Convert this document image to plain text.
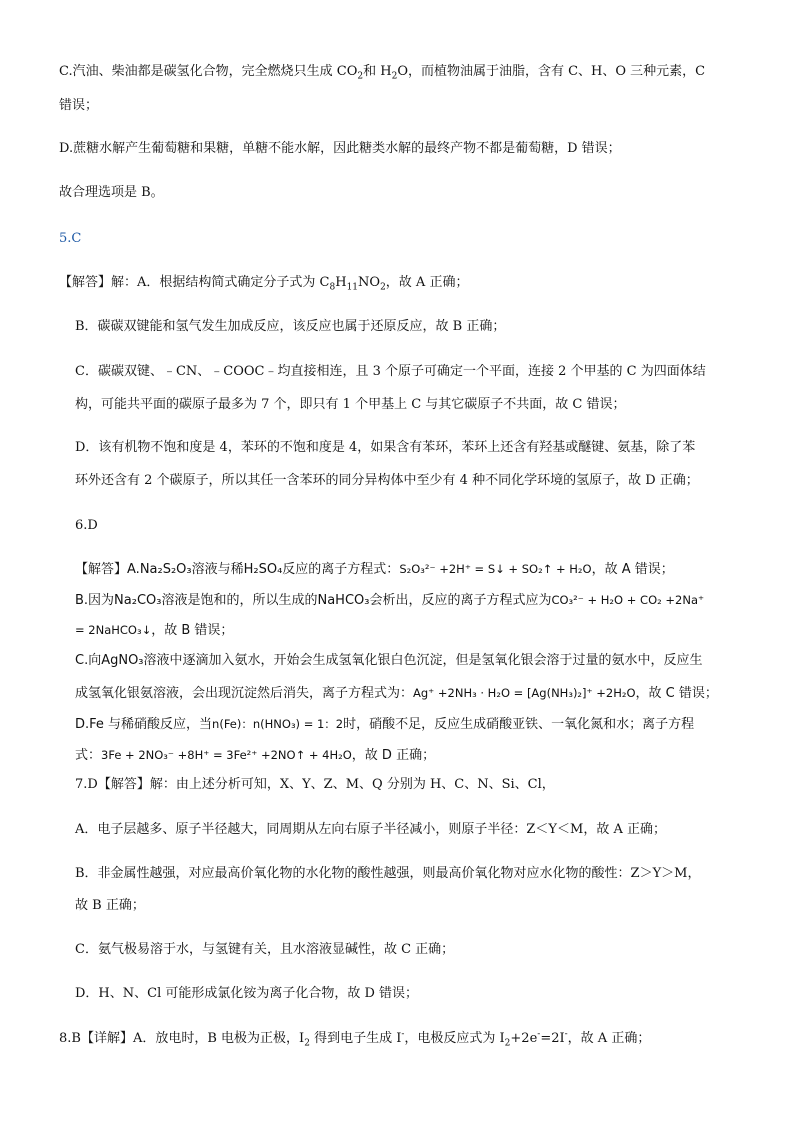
C.汽油、柴油都是碳氢化合物，完全燃烧只生成 $CO_2$和 $H_2O$，而植物油属于油脂，含有 C、H、O 三种元素，C
错误；
D.蔗糖水解产生葡萄糖和果糖，单糖不能水解，因此糖类水解的最终产物不都是葡萄糖，D 错误；
故合理选项是 B。
5.C
【解答】解：A．根据结构简式确定分子式为 $C_8H_{11}NO_2$，故 A 正确；
B．碳碳双键能和氢气发生加成反应，该反应也属于还原反应，故 B 正确；
C．碳碳双键、﹣CN、﹣COOC﹣均直接相连，且 3 个原子可确定一个平面，连接 2 个甲基的 C 为四面体结
构，可能共平面的碳原子最多为 7 个，即只有 1 个甲基上 C 与其它碳原子不共面，故 C 错误；
D．该有机物不饱和度是 4，苯环的不饱和度是 4，如果含有苯环，苯环上还含有羟基或醚键、氨基，除了苯
环外还含有 2 个碳原子，所以其任一含苯环的同分异构体中至少有 4 种不同化学环境的氢原子，故 D 正确；
6.D
【解答】A.Na₂S₂O₃溶液与稀H₂SO₄反应的离子方程式：S₂O₃²⁻ +2H⁺ = S↓ + SO₂↑ + H₂O，故 A 错误；
B.因为Na₂CO₃溶液是饱和的，所以生成的NaHCO₃会析出，反应的离子方程式应为CO₃²⁻ + H₂O + CO₂ +2Na⁺
= 2NaHCO₃↓，故 B 错误；
C.向AgNO₃溶液中逐滴加入氨水，开始会生成氢氧化银白色沉淀，但是氢氧化银会溶于过量的氨水中，反应生
成氢氧化银氨溶液，会出现沉淀然后消失，离子方程式为：Ag⁺ +2NH₃ · H₂O = [Ag(NH₃)₂]⁺ +2H₂O，故 C 错误；
D.Fe 与稀硝酸反应，当n(Fe)：n(HNO₃) = 1：2时，硝酸不足，反应生成硝酸亚铁、一氧化氮和水；离子方程
式：3Fe + 2NO₃⁻ +8H⁺ = 3Fe²⁺ +2NO↑ + 4H₂O，故 D 正确；
7.D【解答】解：由上述分析可知，X、Y、Z、M、Q 分别为 H、C、N、Si、Cl，
A．电子层越多、原子半径越大，同周期从左向右原子半径减小，则原子半径：Z＜Y＜M，故 A 正确；
B．非金属性越强，对应最高价氧化物的水化物的酸性越强，则最高价氧化物对应水化物的酸性：Z＞Y＞M，
故 B 正确；
C．氨气极易溶于水，与氢键有关，且水溶液显碱性，故 C 正确；
D．H、N、Cl 可能形成氯化铵为离子化合物，故 D 错误；
8.B【详解】A．放电时，B 电极为正极，$I_2$ 得到电子生成 I-，电极反应式为 $I_2+2e^-=2I^-$，故 A 正确；
